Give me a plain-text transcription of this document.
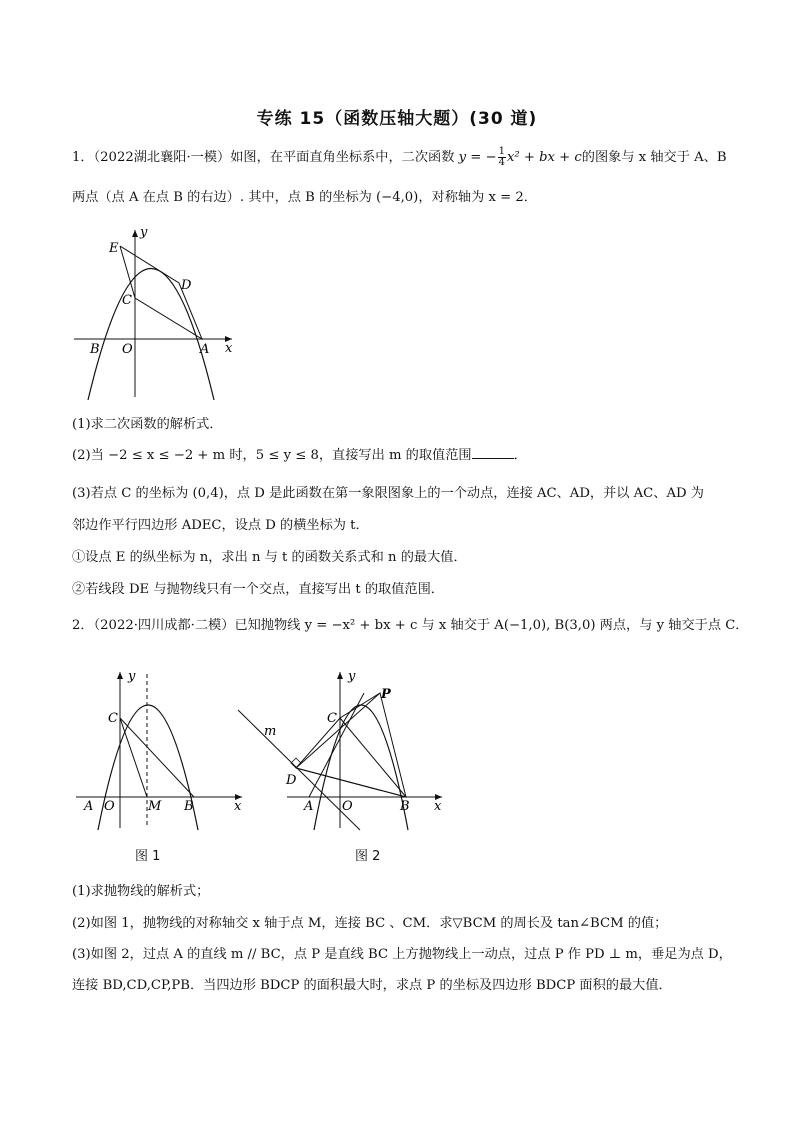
专练 15（函数压轴大题）(30 道)
1．（2022湖北襄阳·一模）如图，在平面直角坐标系中，二次函数 y = − $\frac{1}{4} x^2$ + bx + c的图象与 x 轴交于 A、B
两点（点 A 在点 B 的右边）. 其中，点 B 的坐标为 (−4,0)，对称轴为 x = 2．
y
x
E
D
C
B O	A
(1)求二次函数的解析式．
(2)当 −2 ≤ x ≤ −2 + m 时，5 ≤ y ≤ 8，直接写出 m 的取值范围	．
(3)若点 C 的坐标为 (0,4)，点 D 是此函数在第一象限图象上的一个动点，连接 AC、AD，并以 AC、AD 为
邻边作平行四边形 ADEC，设点 D 的横坐标为 t．
①设点 E 的纵坐标为 n，求出 n 与 t 的函数关系式和 n 的最大值．
②若线段 DE 与抛物线只有一个交点，直接写出 t 的取值范围．
2．（2022·四川成都·二模）已知抛物线 y = −x² + bx + c 与 x 轴交于 A(−1,0), B(3,0) 两点，与 y 轴交于点 C．
y
x
C
A O	M B
图 1
y
x
C
P
m
D
A O	B
图 2
(1)求抛物线的解析式；
(2)如图 1，抛物线的对称轴交 x 轴于点 M，连接 BC 、CM．求▽BCM 的周长及 tan∠BCM 的值；
(3)如图 2，过点 A 的直线 m // BC，点 P 是直线 BC 上方抛物线上一动点，过点 P 作 PD ⊥ m，垂足为点 D，
连接 BD,CD,CP,PB．当四边形 BDCP 的面积最大时，求点 P 的坐标及四边形 BDCP 面积的最大值．
